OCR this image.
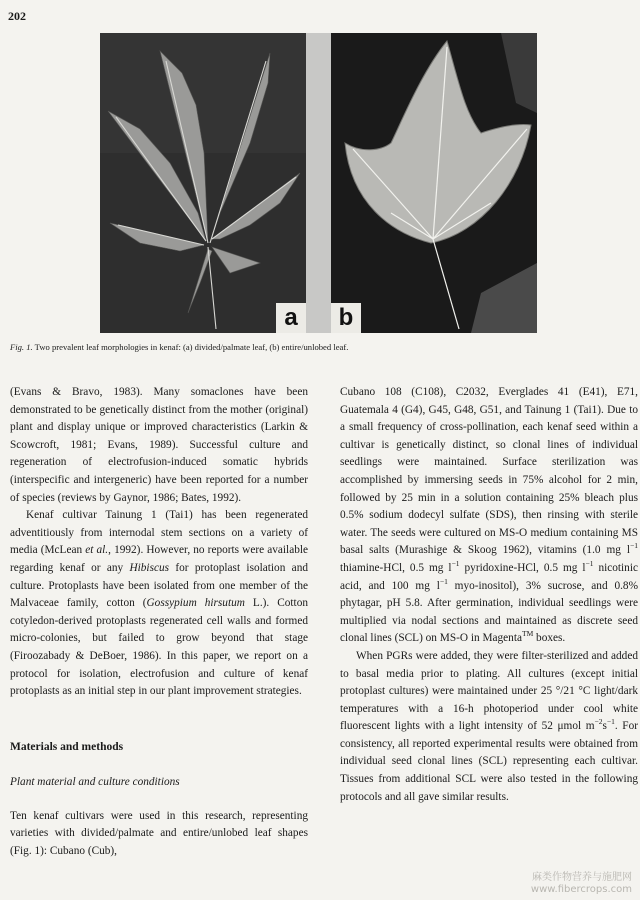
202
a	b
Fig. 1. Two prevalent leaf morphologies in kenaf: (a) divided/palmate leaf, (b) entire/unlobed leaf.

(Evans & Bravo, 1983). Many somaclones have been demonstrated to be genetically distinct from the mother (original) plant and display unique or improved characteristics (Larkin & Scowcroft, 1981; Evans, 1989). Successful culture and regeneration of electrofusion-induced somatic hybrids (interspecific and intergeneric) have been reported for a number of species (reviews by Gaynor, 1986; Bates, 1992).

Kenaf cultivar Tainung 1 (Tai1) has been regenerated adventitiously from internodal stem sections on a variety of media (McLean et al., 1992). However, no reports were available regarding kenaf or any Hibiscus for protoplast isolation and culture. Protoplasts have been isolated from one member of the Malvaceae family, cotton (Gossypium hirsutum L.). Cotton cotyledon-derived protoplasts regenerated cell walls and formed micro-colonies, but failed to grow beyond that stage (Firoozabady & DeBoer, 1986). In this paper, we report on a protocol for isolation, electrofusion and culture of kenaf protoplasts as an initial step in our plant improvement strategies.

Materials and methods

Plant material and culture conditions

Ten kenaf cultivars were used in this research, representing varieties with divided/palmate and entire/unlobed leaf shapes (Fig. 1): Cubano (Cub),

Cubano 108 (C108), C2032, Everglades 41 (E41), E71, Guatemala 4 (G4), G45, G48, G51, and Tainung 1 (Tai1). Due to a small frequency of cross-pollination, each kenaf seed within a cultivar is genetically distinct, so clonal lines of individual seedlings were maintained. Surface sterilization was accomplished by immersing seeds in 75% alcohol for 2 min, followed by 25 min in a solution containing 25% bleach plus 0.5% sodium dodecyl sulfate (SDS), then rinsing with sterile water. The seeds were cultured on MS-O medium containing MS basal salts (Murashige & Skoog 1962), vitamins (1.0 mg $l^{-1}$ thiamine-HCl, 0.5 mg $l^{-1}$ pyridoxine-HCl, 0.5 mg $l^{-1}$ nicotinic acid, and 100 mg $l^{-1}$ myo-inositol), 3% sucrose, and 0.8% phytagar, pH 5.8. After germination, individual seedlings were multiplied via nodal sections and maintained as discrete seed clonal lines (SCL) on MS-O in Magenta™ boxes.

When PGRs were added, they were filter-sterilized and added to basal media prior to plating. All cultures (except initial protoplast cultures) were maintained under 25 °/21 °C light/dark temperatures with a 16-h photoperiod under cool white fluorescent lights with a light intensity of 52 μmol $m^{-2}s^{-1}$. For consistency, all reported experimental results were obtained from individual seed clonal lines (SCL) representing each cultivar. Tissues from additional SCL were also tested in the following protocols and all gave similar results.

麻类作物营养与施肥网
www.fibercrops.com
